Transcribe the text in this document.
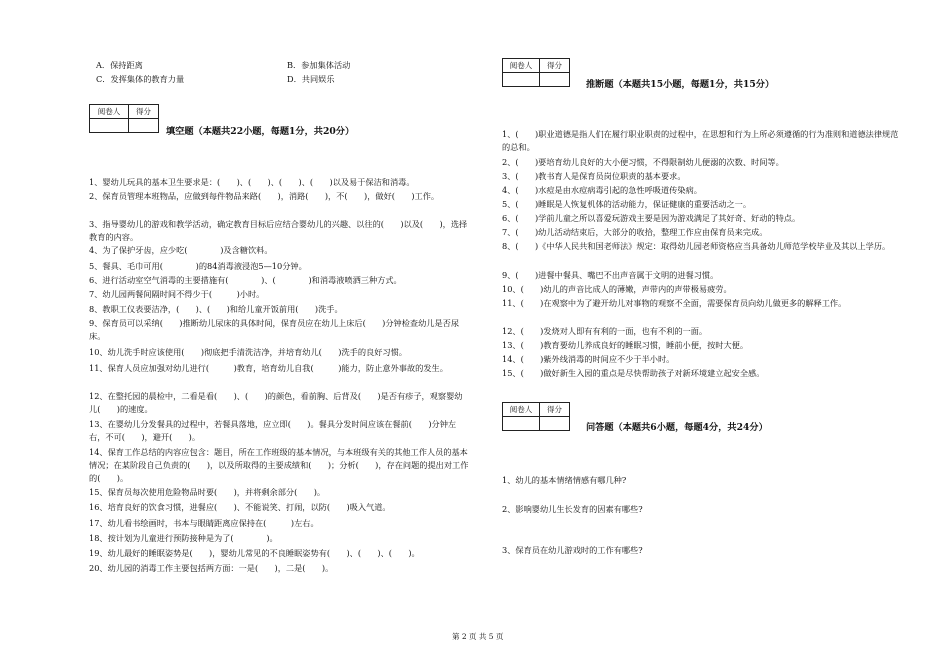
A．保持距离	B．参加集体活动
C．发挥集体的教育力量	D．共同娱乐
阅卷人	得分
填空题（本题共22小题，每题1分，共20分）
1、婴幼儿玩具的基本卫生要求是：(　　)、(　　)、(　　)、(　　)以及易于保洁和消毒。
2、保育员管理本班物品，应做到每件物品来路(　　)，消路(　　)，不(　　)，做好(　　)工作。
3、指导婴幼儿的游戏和教学活动，确定教育目标后应结合婴幼儿的兴趣、以往的(　　)以及(　　)，选择教育的内容。
4、为了保护牙齿，应少吃(　　　　)及含糖饮料。
5、餐具、毛巾可用(　　　　)的84消毒液浸泡5—10分钟。
6、进行活动室空气消毒的主要措施有(　　　　)、(　　　　)和消毒液喷洒三种方式。
7、幼儿园两餐间隔时间不得少于(　　　)小时。
8、教职工仪表要洁净，(　　)、(　　)和给儿童开饭前用(　　)洗手。
9、保育员可以采纳(　　)推断幼儿尿床的具体时间，保育员应在幼儿上床后(　　)分钟检查幼儿是否尿床。
10、幼儿洗手时应该使用(　　)彻底把手清洗洁净，并培育幼儿(　　)洗手的良好习惯。
11、保育人员应加强对幼儿进行(　　　)教育，培育幼儿自我(　　　)能力，防止意外事故的发生。
12、在整托园的晨检中，二看是看(　　)、(　　)的颜色，看前胸、后背及(　　)是否有疹子，观察婴幼儿(　　)的速度。
13、在婴幼儿分发餐具的过程中，若餐具落地，应立即(　　)。餐具分发时间应该在餐前(　　)分钟左右，不可(　　)，避开(　　)。
14、保育工作总结的内容应包含：题目，所在工作班级的基本情况，与本班级有关的其他工作人员的基本情况；在某阶段自己负责的(　　)，以及所取得的主要成绩和(　　)；分析(　　)，存在问题的提出对工作的(　　)。
15、保育员每次使用危险物品时要(　　)，并将剩余部分(　　)。
16、培育良好的饮食习惯，进餐应(　　)、不能说笑、打闹，以防(　　)吸入气道。
17、幼儿看书绘画时，书本与眼睛距离应保持在(　　　)左右。
18、按计划为儿童进行预防接种是为了(　　　　)。
19、幼儿最好的睡眠姿势是(　　)，婴幼儿常见的不良睡眠姿势有(　　)、(　　)、(　　)。
20、幼儿园的消毒工作主要包括两方面：一是(　　)，二是(　　)。
阅卷人	得分
推断题（本题共15小题，每题1分，共15分）
1、(　　)职业道德是指人们在履行职业职责的过程中，在思想和行为上所必须遵循的行为准则和道德法律规范的总和。
2、(　　)要培育幼儿良好的大小便习惯，不得限制幼儿便溺的次数、时间等。
3、(　　)教书育人是保育员岗位职责的基本要求。
4、(　　)水痘是由水痘病毒引起的急性呼吸道传染病。
5、(　　)睡眠是人恢复机体的活动能力，保证健康的重要活动之一。
6、(　　)学前儿童之所以喜爱玩游戏主要是因为游戏满足了其好奇、好动的特点。
7、(　　)幼儿活动结束后，大部分的收拾，整理工作应由保育员来完成。
8、(　　)《中华人民共和国老师法》规定：取得幼儿园老师资格应当具备幼儿师范学校毕业及其以上学历。
9、(　　)进餐中餐具、嘴巴不出声音属于文明的进餐习惯。
10、(　　)幼儿的声音比成人的薄嫩，声带内的声带极易疲劳。
11、(　　)在观察中为了避开幼儿对事物的观察不全面，需要保育员向幼儿做更多的解释工作。
12、(　　)发烧对人即有有利的一面，也有不利的一面。
13、(　　)教育要幼儿养成良好的睡眠习惯，睡前小便，按时大便。
14、(　　)紫外线消毒的时间应不少于半小时。
15、(　　)做好新生入园的重点是尽快帮助孩子对新环境建立起安全感。
阅卷人	得分
问答题（本题共6小题，每题4分，共24分）
1、幼儿的基本情绪情感有哪几种?
2、影响婴幼儿生长发育的因素有哪些?
3、保育员在幼儿游戏时的工作有哪些?
第 2 页 共 5 页
